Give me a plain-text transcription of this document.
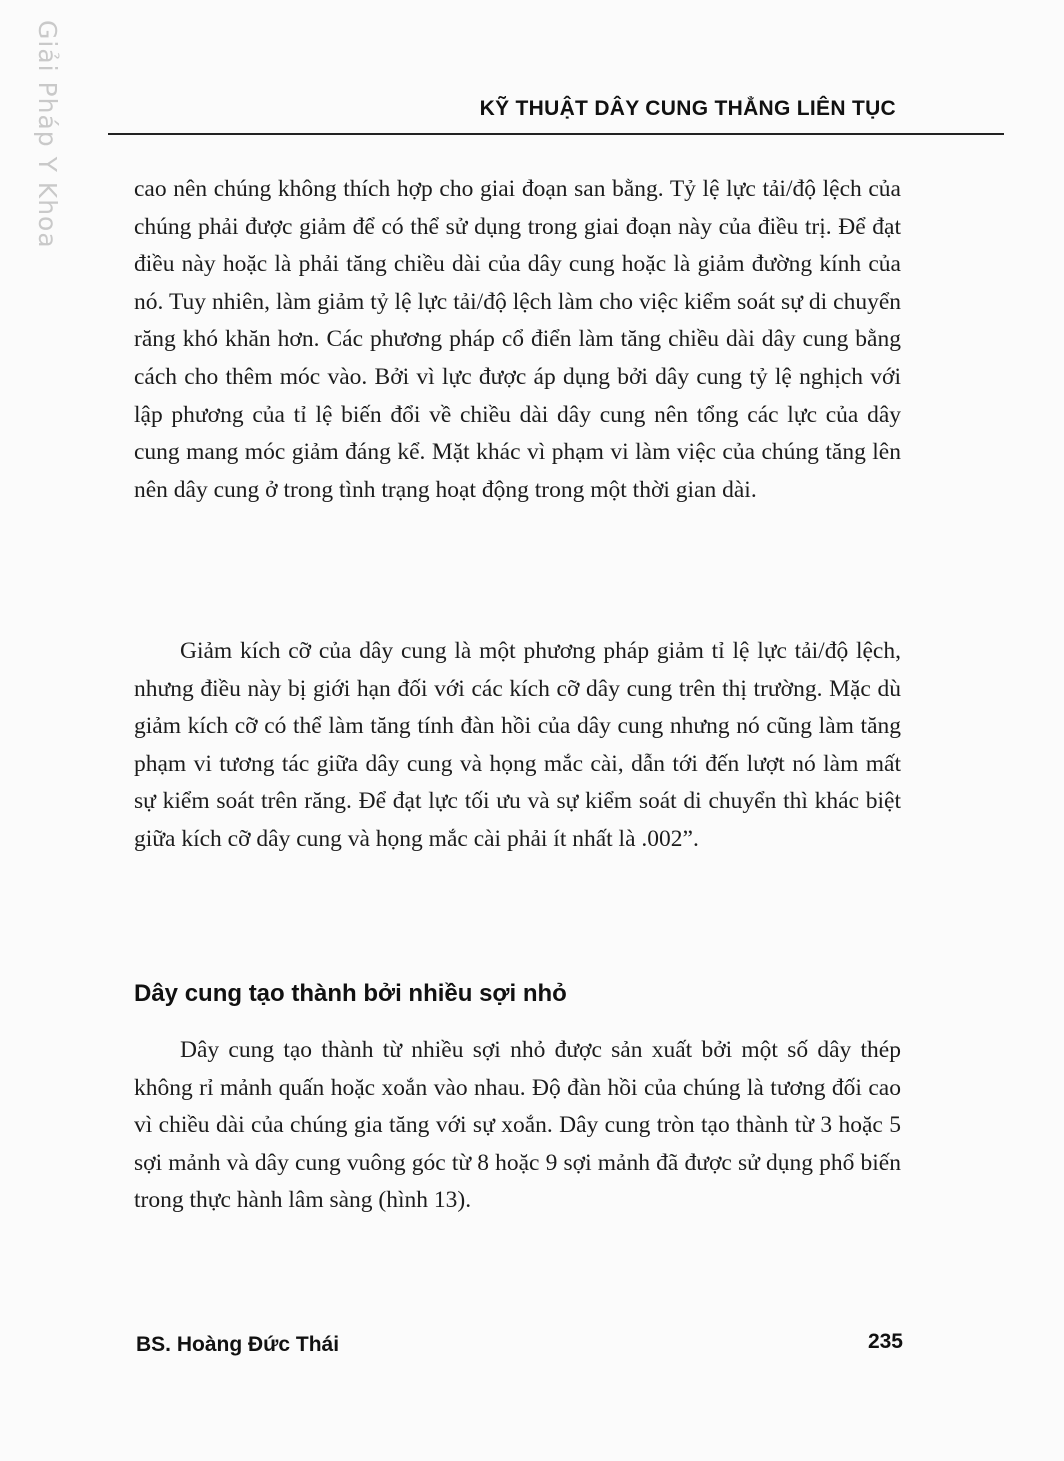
Giải Pháp Y Khoa	KỸ THUẬT DÂY CUNG THẲNG LIÊN TỤC

cao nên chúng không thích hợp cho giai đoạn san bằng. Tỷ lệ lực tải/độ lệch của chúng phải được giảm để có thể sử dụng trong giai đoạn này của điều trị. Để đạt điều này hoặc là phải tăng chiều dài của dây cung hoặc là giảm đường kính của nó. Tuy nhiên, làm giảm tỷ lệ lực tải/độ lệch làm cho việc kiểm soát sự di chuyển răng khó khăn hơn. Các phương pháp cổ điển làm tăng chiều dài dây cung bằng cách cho thêm móc vào. Bởi vì lực được áp dụng bởi dây cung tỷ lệ nghịch với lập phương của tỉ lệ biến đổi về chiều dài dây cung nên tổng các lực của dây cung mang móc giảm đáng kể. Mặt khác vì phạm vi làm việc của chúng tăng lên nên dây cung ở trong tình trạng hoạt động trong một thời gian dài.

Giảm kích cỡ của dây cung là một phương pháp giảm tỉ lệ lực tải/độ lệch, nhưng điều này bị giới hạn đối với các kích cỡ dây cung trên thị trường. Mặc dù giảm kích cỡ có thể làm tăng tính đàn hồi của dây cung nhưng nó cũng làm tăng phạm vi tương tác giữa dây cung và họng mắc cài, dẫn tới đến lượt nó làm mất sự kiểm soát trên răng. Để đạt lực tối ưu và sự kiểm soát di chuyển thì khác biệt giữa kích cỡ dây cung và họng mắc cài phải ít nhất là .002”.

Dây cung tạo thành bởi nhiều sợi nhỏ

Dây cung tạo thành từ nhiều sợi nhỏ được sản xuất bởi một số dây thép không rỉ mảnh quấn hoặc xoắn vào nhau. Độ đàn hồi của chúng là tương đối cao vì chiều dài của chúng gia tăng với sự xoắn. Dây cung tròn tạo thành từ 3 hoặc 5 sợi mảnh và dây cung vuông góc từ 8 hoặc 9 sợi mảnh đã được sử dụng phổ biến trong thực hành lâm sàng (hình 13).

BS. Hoàng Đức Thái	235
